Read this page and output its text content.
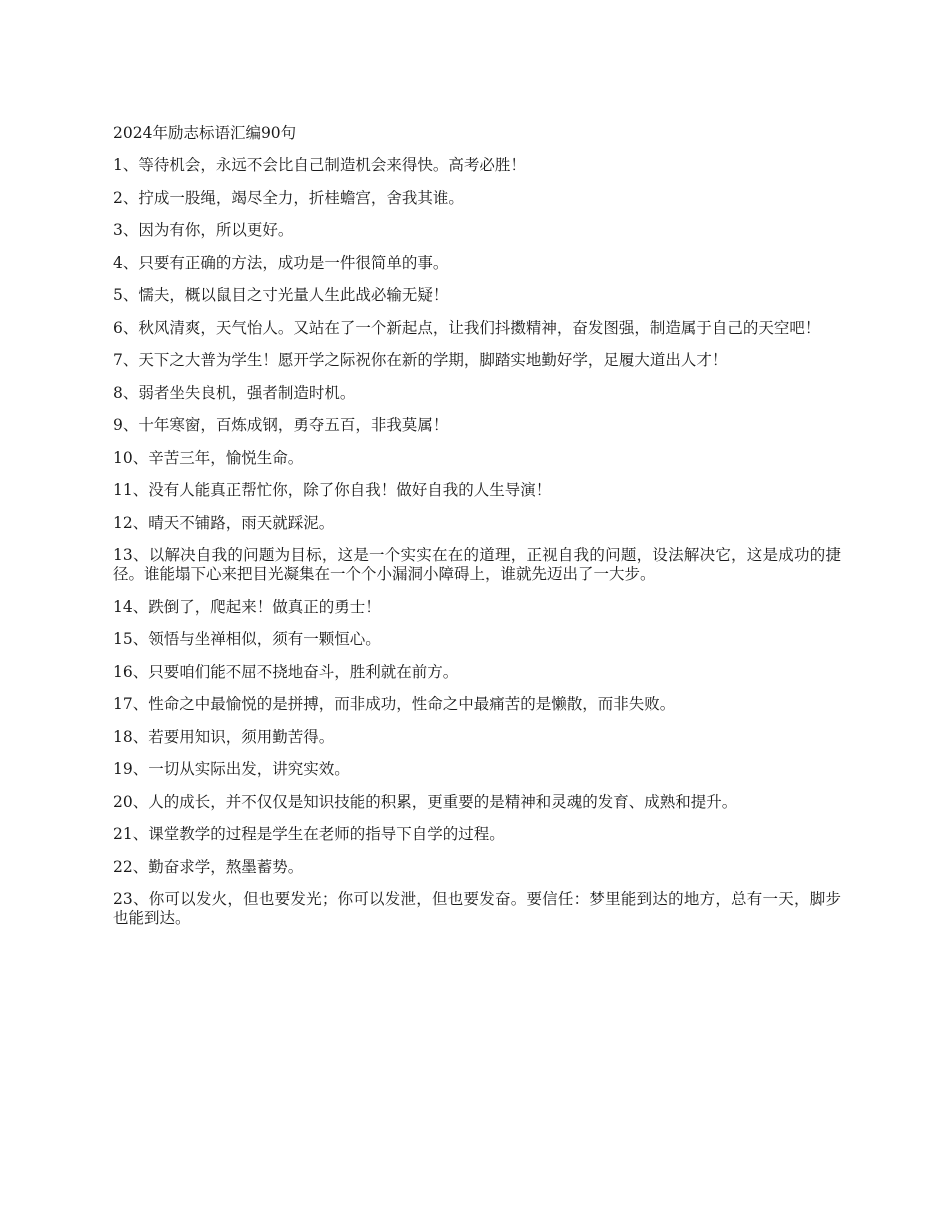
2024年励志标语汇编90句

1、等待机会，永远不会比自己制造机会来得快。高考必胜！

2、拧成一股绳，竭尽全力，折桂蟾宫，舍我其谁。

3、因为有你，所以更好。

4、只要有正确的方法，成功是一件很简单的事。

5、懦夫，概以鼠目之寸光量人生此战必输无疑！

6、秋风清爽，天气怡人。又站在了一个新起点，让我们抖擞精神，奋发图强，制造属于自己的天空吧！

7、天下之大普为学生！愿开学之际祝你在新的学期，脚踏实地勤好学，足履大道出人才！

8、弱者坐失良机，强者制造时机。

9、十年寒窗，百炼成钢，勇夺五百，非我莫属！

10、辛苦三年，愉悦生命。

11、没有人能真正帮忙你，除了你自我！做好自我的人生导演！

12、晴天不铺路，雨天就踩泥。

13、以解决自我的问题为目标，这是一个实实在在的道理，正视自我的问题，设法解决它，这是成功的捷径。谁能塌下心来把目光凝集在一个个小漏洞小障碍上，谁就先迈出了一大步。

14、跌倒了，爬起来！做真正的勇士！

15、领悟与坐禅相似，须有一颗恒心。

16、只要咱们能不屈不挠地奋斗，胜利就在前方。

17、性命之中最愉悦的是拼搏，而非成功，性命之中最痛苦的是懒散，而非失败。

18、若要用知识，须用勤苦得。

19、一切从实际出发，讲究实效。

20、人的成长，并不仅仅是知识技能的积累，更重要的是精神和灵魂的发育、成熟和提升。

21、课堂教学的过程是学生在老师的指导下自学的过程。

22、勤奋求学，熬墨蓄势。

23、你可以发火，但也要发光；你可以发泄，但也要发奋。要信任：梦里能到达的地方，总有一天，脚步也能到达。
